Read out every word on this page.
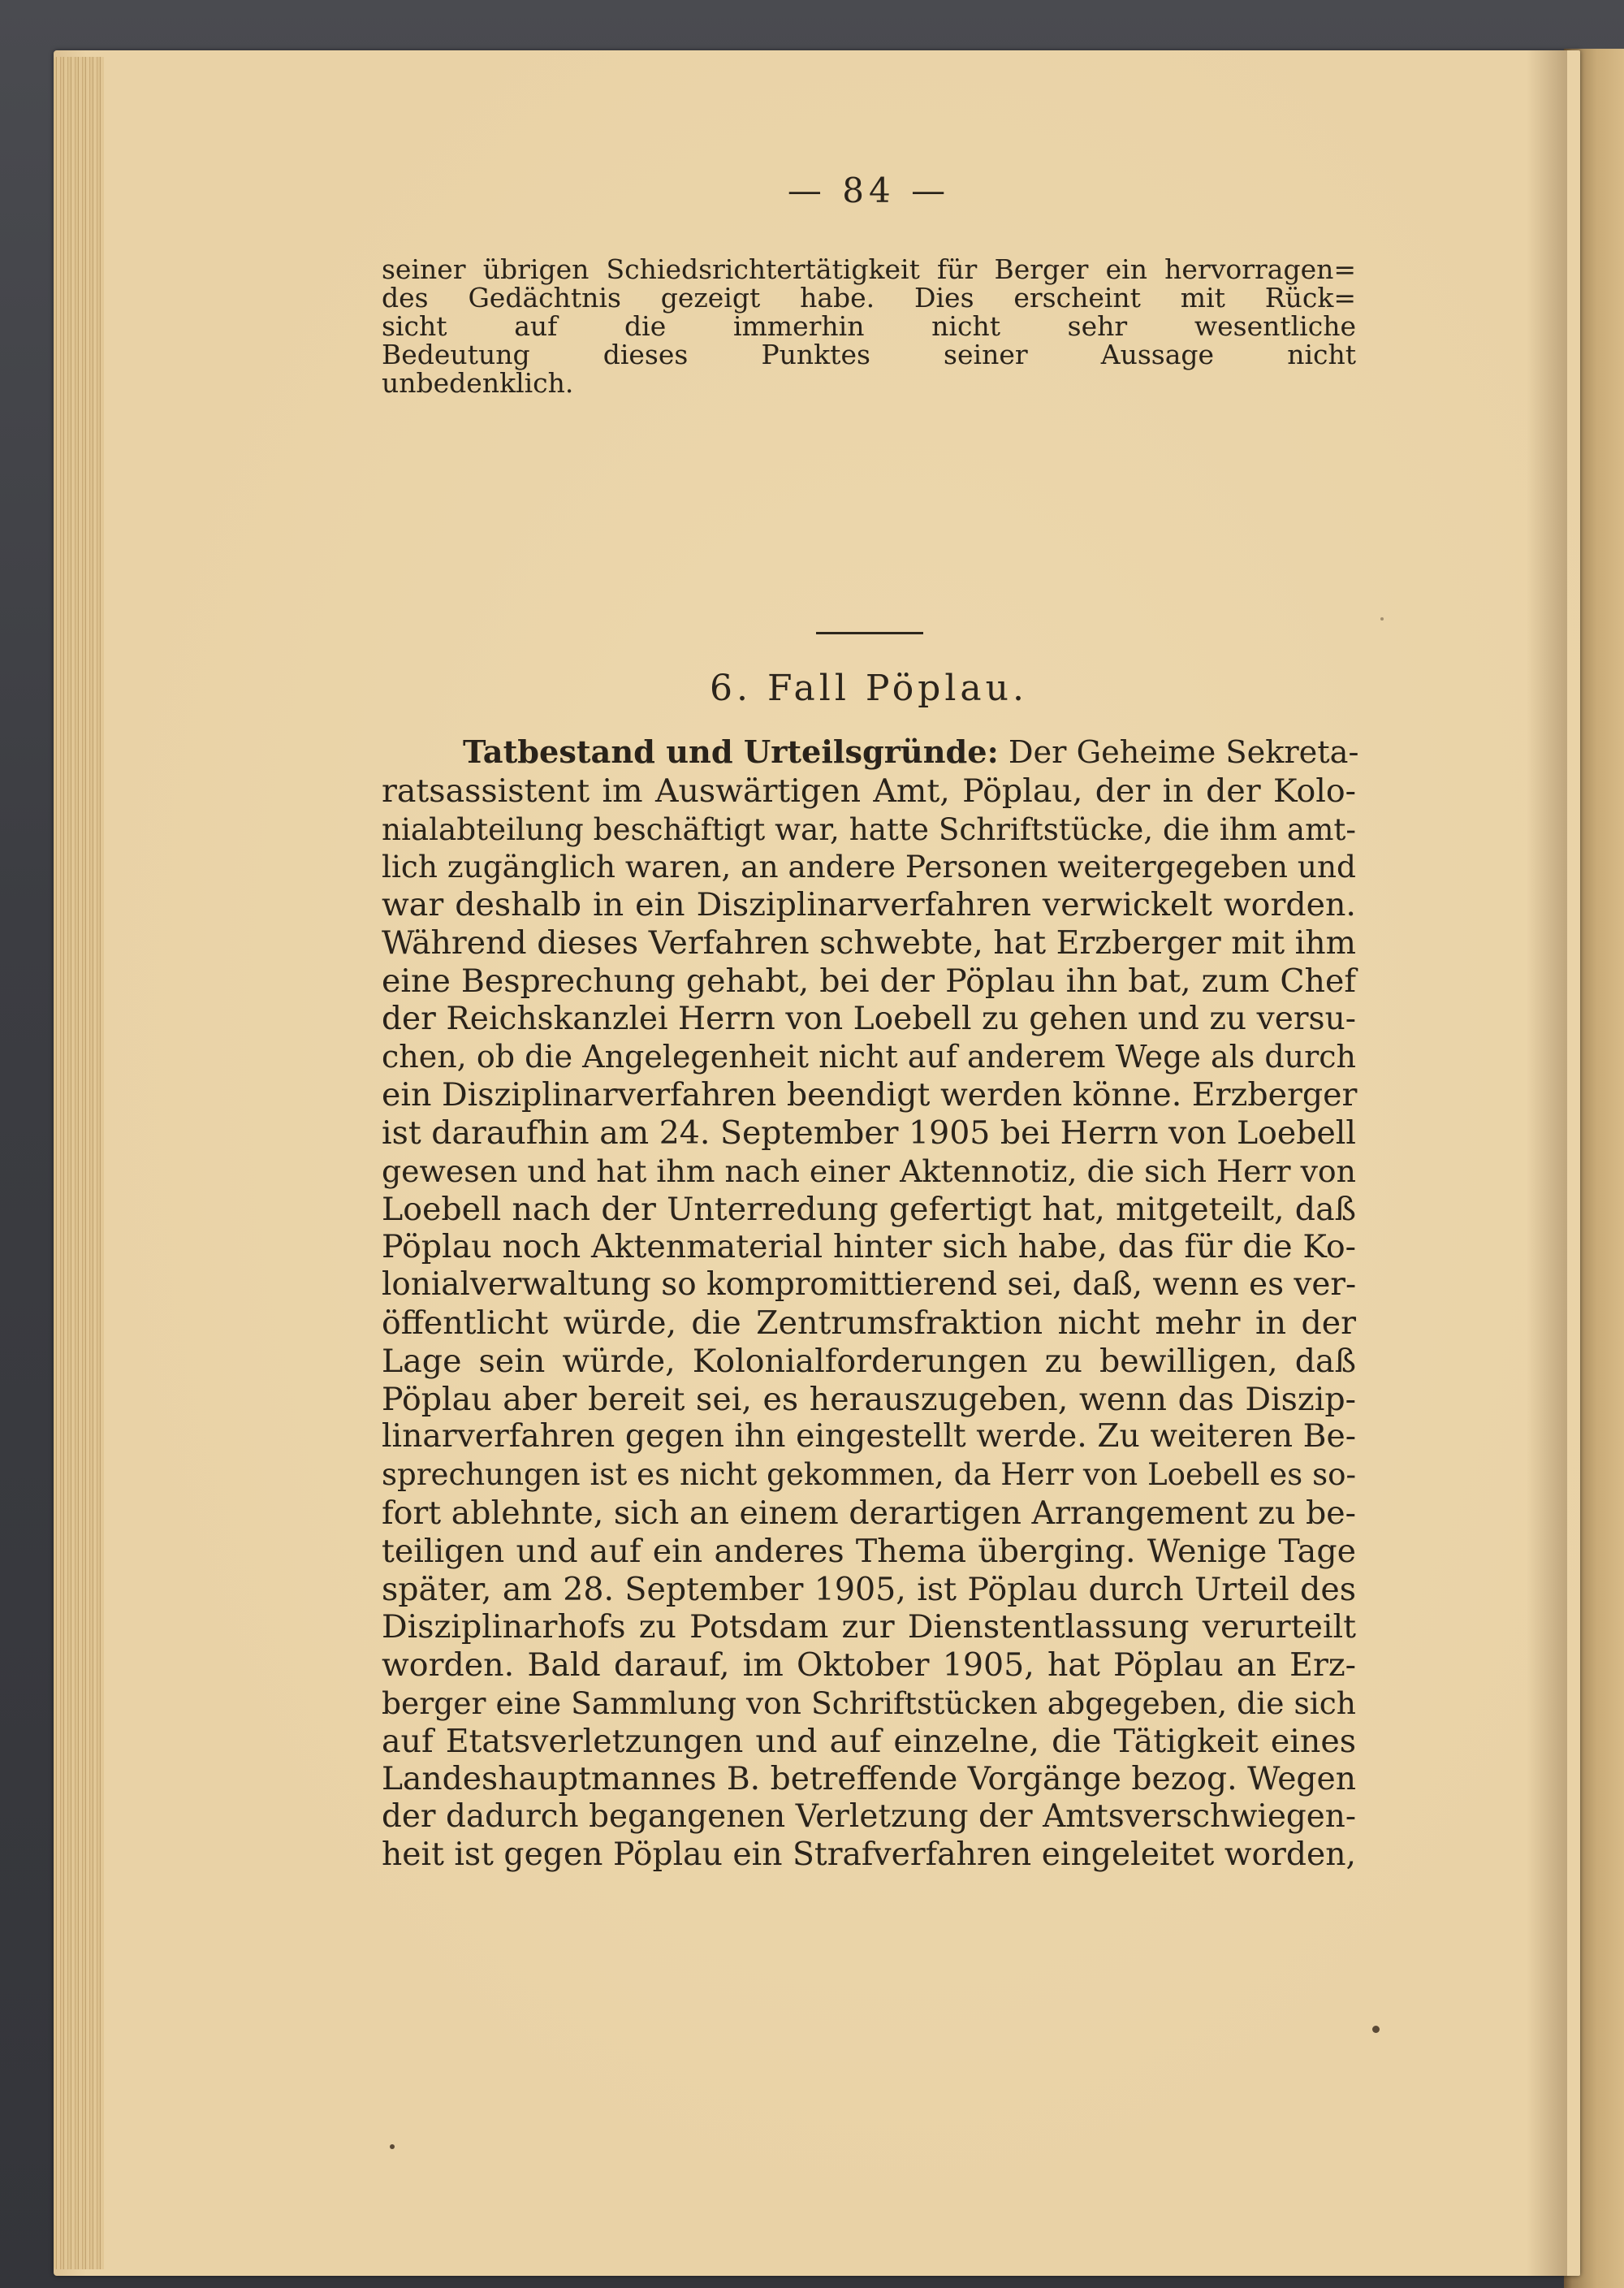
— 84 —
seiner übrigen Schiedsrichtertätigkeit für Berger ein hervorragen=
des Gedächtnis gezeigt habe. Dies erscheint mit Rück=
sicht auf die immerhin nicht sehr wesentliche
Bedeutung dieses Punktes seiner Aussage nicht
unbedenklich.
6. Fall Pöplau.
Tatbestand und Urteilsgründe: Der Geheime Sekreta-
ratsassistent im Auswärtigen Amt, Pöplau, der in der Kolo-
nialabteilung beschäftigt war, hatte Schriftstücke, die ihm amt-
lich zugänglich waren, an andere Personen weitergegeben und
war deshalb in ein Disziplinarverfahren verwickelt worden.
Während dieses Verfahren schwebte, hat Erzberger mit ihm
eine Besprechung gehabt, bei der Pöplau ihn bat, zum Chef
der Reichskanzlei Herrn von Loebell zu gehen und zu versu-
chen, ob die Angelegenheit nicht auf anderem Wege als durch
ein Disziplinarverfahren beendigt werden könne. Erzberger
ist daraufhin am 24. September 1905 bei Herrn von Loebell
gewesen und hat ihm nach einer Aktennotiz, die sich Herr von
Loebell nach der Unterredung gefertigt hat, mitgeteilt, daß
Pöplau noch Aktenmaterial hinter sich habe, das für die Ko-
lonialverwaltung so kompromittierend sei, daß, wenn es ver-
öffentlicht würde, die Zentrumsfraktion nicht mehr in der
Lage sein würde, Kolonialforderungen zu bewilligen, daß
Pöplau aber bereit sei, es herauszugeben, wenn das Diszip-
linarverfahren gegen ihn eingestellt werde. Zu weiteren Be-
sprechungen ist es nicht gekommen, da Herr von Loebell es so-
fort ablehnte, sich an einem derartigen Arrangement zu be-
teiligen und auf ein anderes Thema überging. Wenige Tage
später, am 28. September 1905, ist Pöplau durch Urteil des
Disziplinarhofs zu Potsdam zur Dienstentlassung verurteilt
worden. Bald darauf, im Oktober 1905, hat Pöplau an Erz-
berger eine Sammlung von Schriftstücken abgegeben, die sich
auf Etatsverletzungen und auf einzelne, die Tätigkeit eines
Landeshauptmannes B. betreffende Vorgänge bezog. Wegen
der dadurch begangenen Verletzung der Amtsverschwiegen-
heit ist gegen Pöplau ein Strafverfahren eingeleitet worden,
